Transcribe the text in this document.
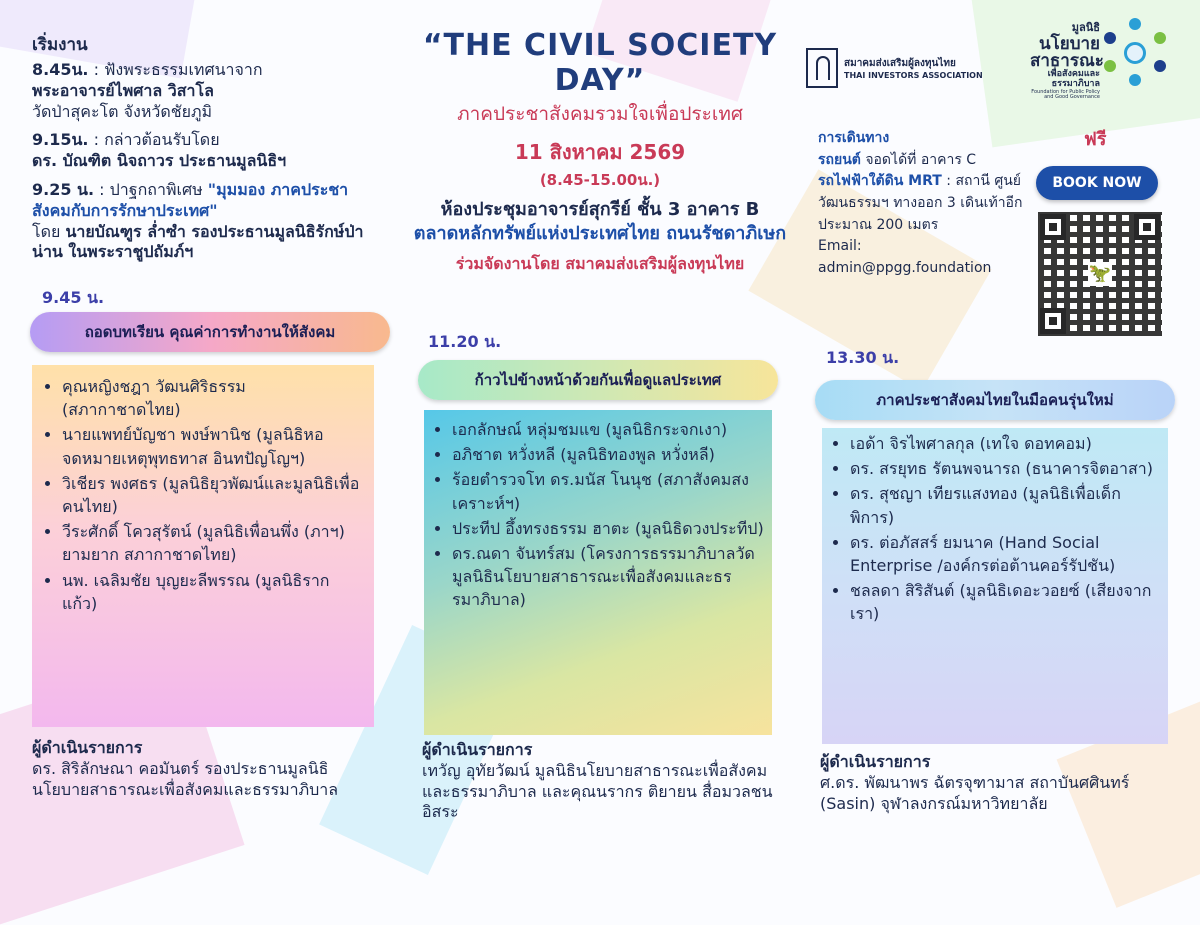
เริ่มงาน
8.45น. : ฟังพระธรรมเทศนาจาก
พระอาจารย์ไพศาล วิสาโล
วัดป่าสุคะโต จังหวัดชัยภูมิ
9.15น. : กล่าวต้อนรับโดย
ดร. บัณฑิต นิจถาวร ประธานมูลนิธิฯ
9.25 น. : ปาฐกถาพิเศษ "มุมมอง ภาคประชาสังคมกับการรักษาประเทศ"
โดย นายบัณฑูร ล่ำซำ รองประธานมูลนิธิรักษ์ป่าน่าน ในพระราชูปถัมภ์ฯ
9.45 น.
ถอดบทเรียน คุณค่าการทำงานให้สังคม
• คุณหญิงชฎา วัฒนศิริธรรม (สภากาชาดไทย)
• นายแพทย์บัญชา พงษ์พานิช (มูลนิธิหอจดหมายเหตุพุทธทาส อินทปัญโญฯ)
• วิเชียร พงศธร (มูลนิธิยุวพัฒน์และมูลนิธิเพื่อคนไทย)
• วีระศักดิ์ โควสุรัตน์ (มูลนิธิเพื่อนพึ่ง (ภาฯ) ยามยาก สภากาชาดไทย)
• นพ. เฉลิมชัย บุญยะลีพรรณ (มูลนิธิรากแก้ว)
ผู้ดำเนินรายการ
ดร. สิริลักษณา คอมันตร์ รองประธานมูลนิธินโยบายสาธารณะเพื่อสังคมและธรรมาภิบาล
“THE CIVIL SOCIETY DAY”
ภาคประชาสังคมรวมใจเพื่อประเทศ
11 สิงหาคม 2569
(8.45-15.00น.)
ห้องประชุมอาจารย์สุกรีย์ ชั้น 3 อาคาร B ตลาดหลักทรัพย์แห่งประเทศไทย ถนนรัชดาภิเษก
ร่วมจัดงานโดย สมาคมส่งเสริมผู้ลงทุนไทย
11.20 น.
ก้าวไปข้างหน้าด้วยกันเพื่อดูแลประเทศ
• เอกลักษณ์ หลุ่มชมแข (มูลนิธิกระจกเงา)
• อภิชาต หวั่งหลี (มูลนิธิทองพูล หวั่งหลี)
• ร้อยตำรวจโท ดร.มนัส โนนุช (สภาสังคมสงเคราะห์ฯ)
• ประทีป อึ้งทรงธรรม ฮาตะ (มูลนิธิดวงประทีป)
• ดร.ณดา จันทร์สม (โครงการธรรมาภิบาลวัด มูลนิธินโยบายสาธารณะเพื่อสังคมและธรรมาภิบาล)
ผู้ดำเนินรายการ
เทวัญ อุทัยวัฒน์ มูลนิธินโยบายสาธารณะเพื่อสังคมและธรรมาภิบาล และคุณนรากร ติยายน สื่อมวลชนอิสระ
สมาคมส่งเสริมผู้ลงทุนไทย
THAI INVESTORS ASSOCIATION
มูลนิธิ
นโยบาย
สาธารณะ
เพื่อสังคมและ
ธรรมาภิบาล
Foundation for Public Policy and Good Governance
การเดินทาง
รถยนต์ จอดได้ที่ อาคาร C
รถไฟฟ้าใต้ดิน MRT : สถานี ศูนย์วัฒนธรรมฯ ทางออก 3 เดินเท้าอีกประมาณ 200 เมตร
Email:
admin@ppgg.foundation
ฟรี
BOOK NOW
🦖
13.30 น.
ภาคประชาสังคมไทยในมือคนรุ่นใหม่
• เอด้า จิรไพศาลกุล (เทใจ ดอทคอม)
• ดร. สรยุทธ รัตนพจนารถ (ธนาคารจิตอาสา)
• ดร. สุชญา เทียรแสงทอง (มูลนิธิเพื่อเด็กพิการ)
• ดร. ต่อภัสสร์ ยมนาค (Hand Social Enterprise /องค์กรต่อต้านคอร์รัปชัน)
• ชลลดา สิริสันต์ (มูลนิธิเดอะวอยซ์ (เสียงจากเรา)
ผู้ดำเนินรายการ
ศ.ดร. พัฒนาพร ฉัตรจุฑามาส สถาบันศศินทร์ (Sasin) จุฬาลงกรณ์มหาวิทยาลัย
